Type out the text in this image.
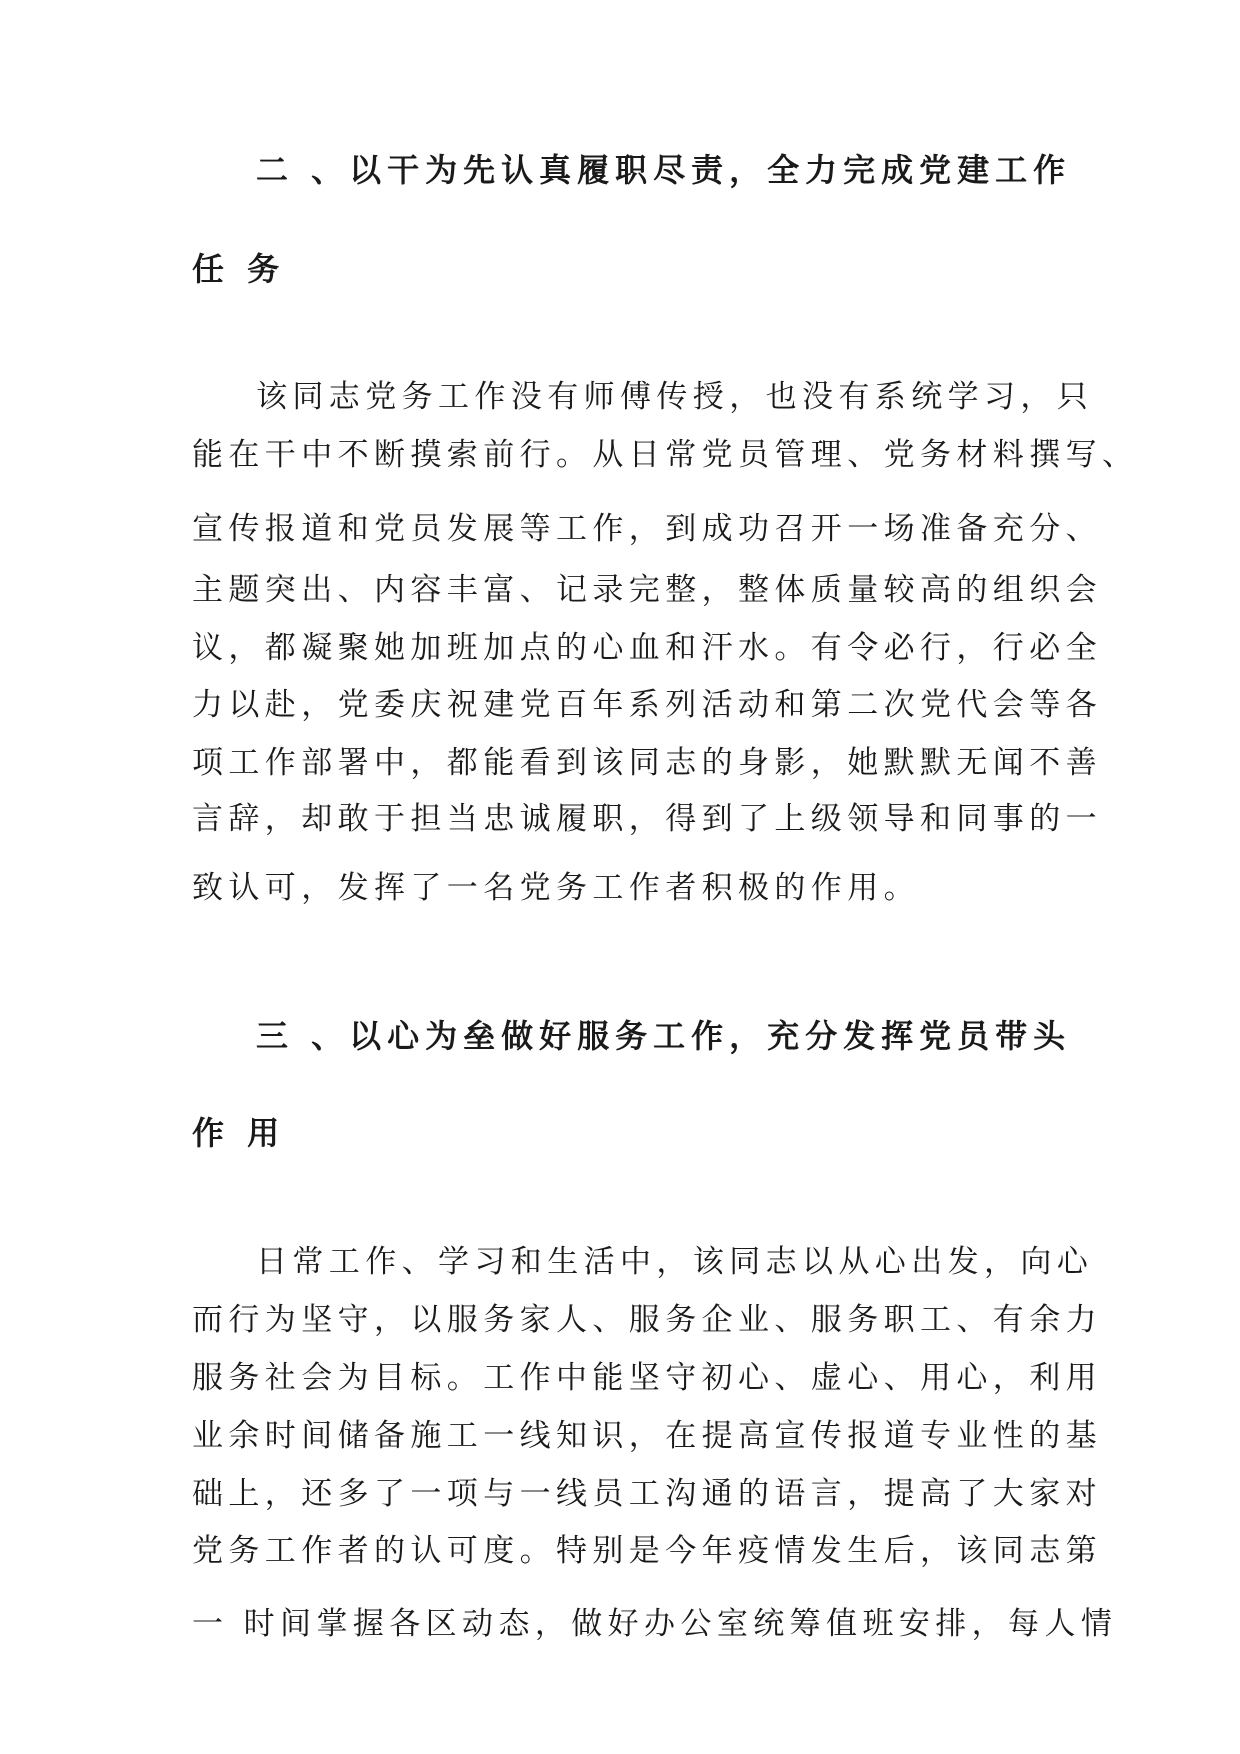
二 、以干为先认真履职尽责，全力完成党建工作
任 务
该同志党务工作没有师傅传授，也没有系统学习，只
能在干中不断摸索前行。从日常党员管理、党务材料撰写、
宣传报道和党员发展等工作，到成功召开一场准备充分、
主题突出、内容丰富、记录完整，整体质量较高的组织会
议，都凝聚她加班加点的心血和汗水。有令必行，行必全
力以赴，党委庆祝建党百年系列活动和第二次党代会等各
项工作部署中，都能看到该同志的身影，她默默无闻不善
言辞，却敢于担当忠诚履职，得到了上级领导和同事的一
致认可，发挥了一名党务工作者积极的作用。
三 、以心为垒做好服务工作，充分发挥党员带头
作 用
日常工作、学习和生活中，该同志以从心出发，向心
而行为坚守，以服务家人、服务企业、服务职工、有余力
服务社会为目标。工作中能坚守初心、虚心、用心，利用
业余时间储备施工一线知识，在提高宣传报道专业性的基
础上，还多了一项与一线员工沟通的语言，提高了大家对
党务工作者的认可度。特别是今年疫情发生后，该同志第
一 时间掌握各区动态，做好办公室统筹值班安排，每人情
